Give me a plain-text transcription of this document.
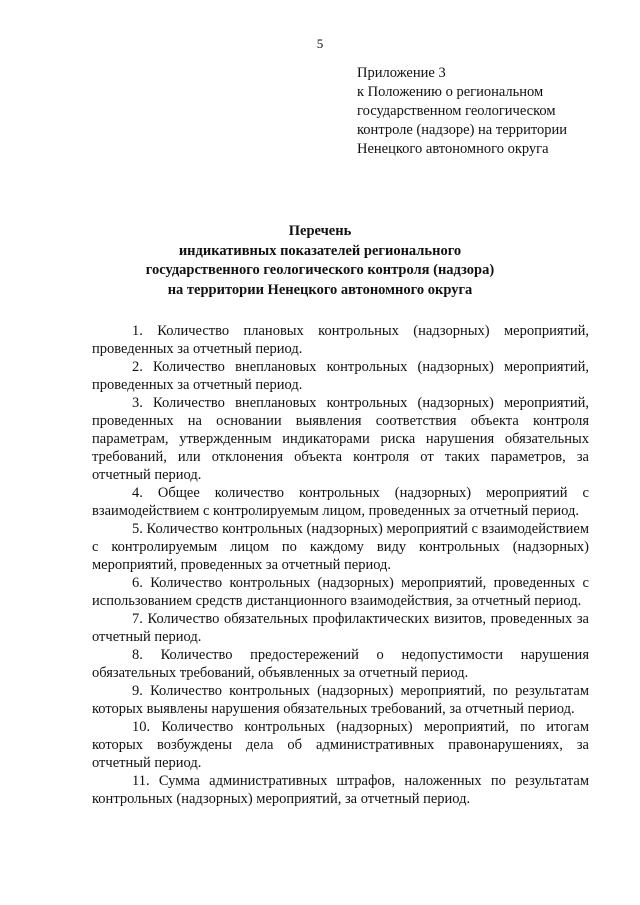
5
Приложение 3
к Положению о региональном
государственном геологическом
контроле (надзоре) на территории
Ненецкого автономного округа
Перечень
индикативных показателей регионального
государственного геологического контроля (надзора)
на территории Ненецкого автономного округа

1. Количество плановых контрольных (надзорных) мероприятий, проведенных за отчетный период.

2. Количество внеплановых контрольных (надзорных) мероприятий, проведенных за отчетный период.

3. Количество внеплановых контрольных (надзорных) мероприятий, проведенных на основании выявления соответствия объекта контроля параметрам, утвержденным индикаторами риска нарушения обязательных требований, или отклонения объекта контроля от таких параметров, за отчетный период.

4. Общее количество контрольных (надзорных) мероприятий с взаимодействием с контролируемым лицом, проведенных за отчетный период.

5. Количество контрольных (надзорных) мероприятий с взаимодействием с контролируемым лицом по каждому виду контрольных (надзорных) мероприятий, проведенных за отчетный период.

6. Количество контрольных (надзорных) мероприятий, проведенных с использованием средств дистанционного взаимодействия, за отчетный период.

7. Количество обязательных профилактических визитов, проведенных за отчетный период.

8. Количество предостережений о недопустимости нарушения обязательных требований, объявленных за отчетный период.

9. Количество контрольных (надзорных) мероприятий, по результатам которых выявлены нарушения обязательных требований, за отчетный период.

10. Количество контрольных (надзорных) мероприятий, по итогам которых возбуждены дела об административных правонарушениях, за отчетный период.

11. Сумма административных штрафов, наложенных по результатам контрольных (надзорных) мероприятий, за отчетный период.
